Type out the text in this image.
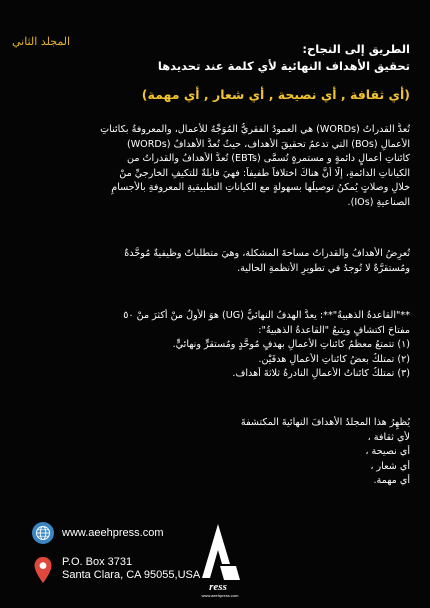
المجلد الثاني
الطريق إلى النجاح:
تحقيق الأهداف النهائية لأي كلمة عند تحديدها
(أي ثقافة , أي نصيحة , أي شعار , أي مهمة)
تُعدُّ القدراتُ (WORDs) هي العمودُ الفقريُّ المُوَجِّهُ للأعمال، والمعروفةُ بكائناتِ
الأعمالِ (BOs) التي تدعمُ تحقيقَ الأهداف، حيثُ تُعدُّ الأهدافُ (WORDs)
كائناتِ أعمالٍ دائمةٍ و مستمرةٍ تُسمَّى (EBTs) تُعدُّ الأهدافُ والقدراتُ من
الكياناتِ الدائمةِ، إلّا أنَّ هناكَ اختلافاً طفيفاً: فهيَ قابلةٌ للتكيفِ الخارجيِّ منْ
خلالِ وصلاتٍ يُمكنُ توصيلُها بسهولةٍ مع الكياناتِ التطبيقيةِ المعروفةِ بالأجسامِ
الصناعيةِ (IOs).
تُعرِضُ الأهدافُ والقدراتُ مساحةَ المشكلة، وهيَ متطلباتٌ وظيفيةٌ مُوحَّدةٌ
ومُستقرَّةٌ لا تُوجدُ في تطويرِ الأنظمةِ الحالية.
**"القاعدةُ الذهبيةُ"**: يعدُّ الهدفُ النهائيُّ (UG) هوَ الأولُ منْ أكثرَ منْ ٥٠
مفتاحَ اكتشافٍ ويتبعُ "القاعدةُ الذهبيةُ":
(١) تتمتعُ معظمُ كائناتِ الأعمالِ بهدفٍ مُوحَّدٍ ومُستقرٍّ ونهائيٍّ.
(٢) تمتلكُ بعضُ كائناتِ الأعمالِ هدفَيْن.
(٣) تمتلكُ كائناتُ الأعمالِ النادرةُ ثلاثةَ أهداف.
يُظهِرُ هذا المجلدُ الأهدافَ النهائيةَ المكتشفةَ
لأي ثقافة ،
أي نصيحة ،
أي شعار ،
أي مهمة.
www.aeehpress.com
P.O. Box 3731
Santa Clara, CA 95055,USA
ress
www.aeehpress.com
